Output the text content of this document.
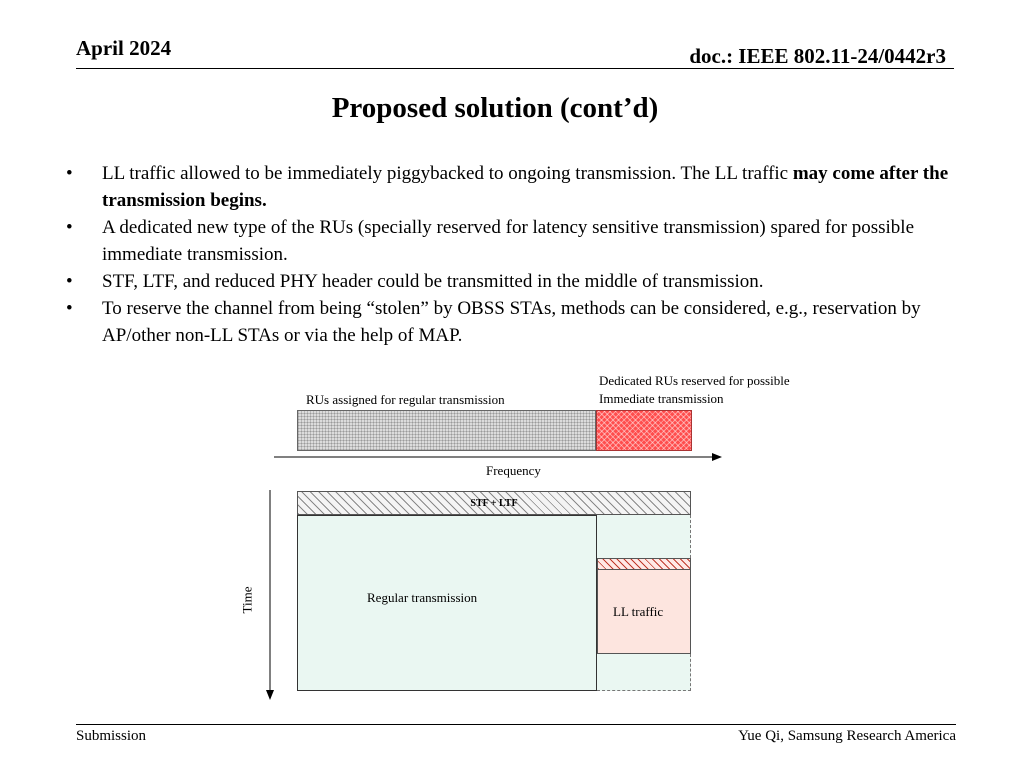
April 2024	doc.: IEEE 802.11-24/0442r3
Proposed solution (cont’d)
•	LL traffic allowed to be immediately piggybacked to ongoing transmission. The LL traffic may come after the transmission begins.
•	A dedicated new type of the RUs (specially reserved for latency sensitive transmission) spared for possible immediate transmission.
•	STF, LTF, and reduced PHY header could be transmitted in the middle of transmission.
•	To reserve the channel from being “stolen” by OBSS STAs, methods can be considered, e.g., reservation by AP/other non-LL STAs or via the help of MAP.
RUs assigned for regular transmission
Dedicated RUs reserved for possible
Immediate transmission
Frequency
Time
STF + LTF
Regular transmission
LL traffic
Submission	Yue Qi, Samsung Research America
